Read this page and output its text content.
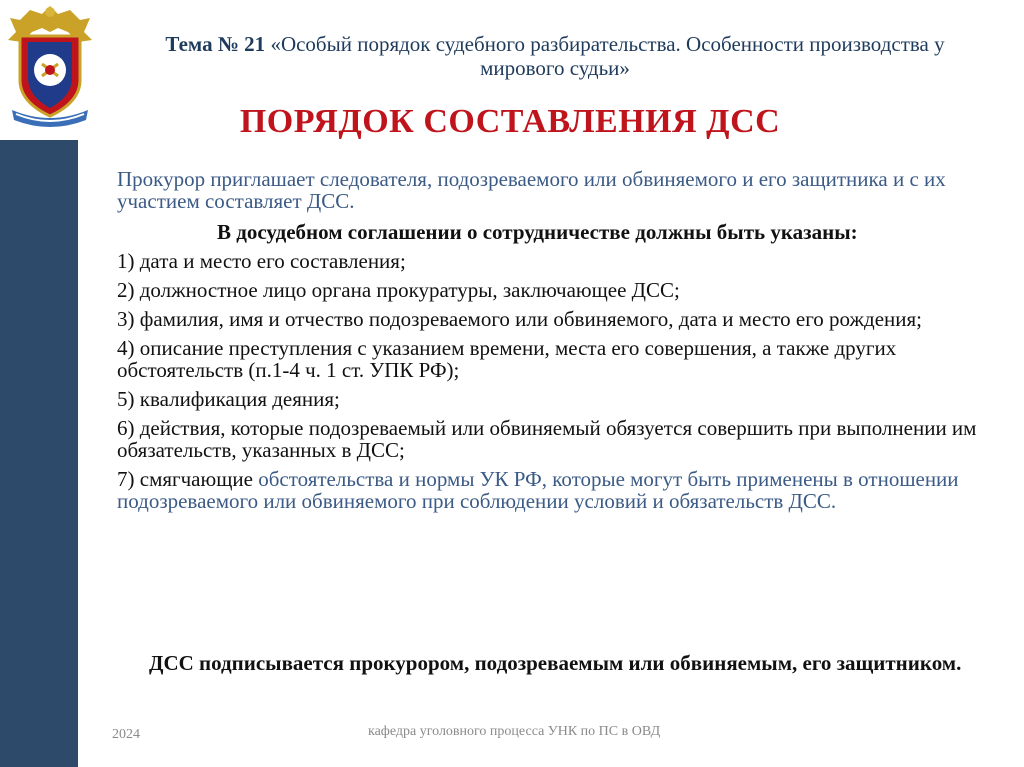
Тема № 21 «Особый порядок судебного разбирательства. Особенности производства у мирового судьи»
ПОРЯДОК СОСТАВЛЕНИЯ ДСС

Прокурор приглашает следователя, подозреваемого или обвиняемого и его защитника и с их участием составляет ДСС.

В досудебном соглашении о сотрудничестве должны быть указаны:

1) дата и место его составления;

2) должностное лицо органа прокуратуры, заключающее ДСС;

3) фамилия, имя и отчество подозреваемого или обвиняемого, дата и место его рождения;

4) описание преступления с указанием времени, места его совершения, а также других обстоятельств (п.1-4 ч. 1 ст. УПК РФ);

5) квалификация деяния;

6) действия, которые подозреваемый или обвиняемый обязуется совершить при выполнении им обязательств, указанных в ДСС;

7) смягчающие обстоятельства и нормы УК РФ, которые могут быть применены в отношении подозреваемого или обвиняемого при соблюдении условий и обязательств ДСС.

ДСС подписывается прокурором, подозреваемым или обвиняемым, его защитником.
2024	кафедра уголовного процесса УНК по ПС в ОВД
